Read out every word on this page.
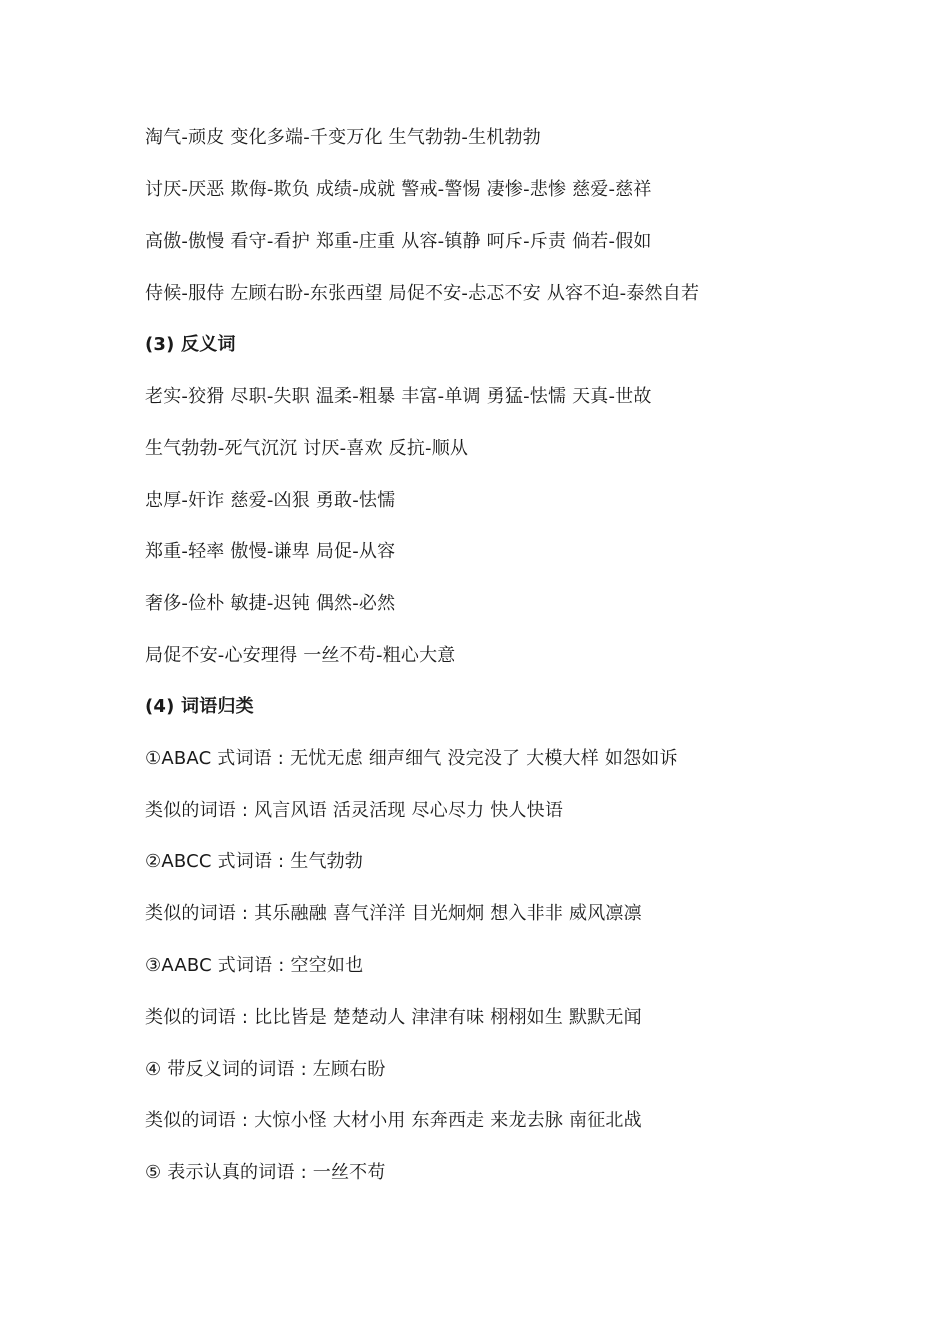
淘气-顽皮 变化多端-千变万化 生气勃勃-生机勃勃
讨厌-厌恶 欺侮-欺负 成绩-成就 警戒-警惕 凄惨-悲惨 慈爱-慈祥
高傲-傲慢 看守-看护 郑重-庄重 从容-镇静 呵斥-斥责 倘若-假如
侍候-服侍 左顾右盼-东张西望 局促不安-忐忑不安 从容不迫-泰然自若
(3) 反义词
老实-狡猾 尽职-失职 温柔-粗暴 丰富-单调 勇猛-怯懦 天真-世故
生气勃勃-死气沉沉 讨厌-喜欢 反抗-顺从
忠厚-奸诈 慈爱-凶狠 勇敢-怯懦
郑重-轻率 傲慢-谦卑 局促-从容
奢侈-俭朴 敏捷-迟钝 偶然-必然
局促不安-心安理得 一丝不苟-粗心大意
(4) 词语归类
①ABAC 式词语 : 无忧无虑 细声细气 没完没了 大模大样 如怨如诉
类似的词语 : 风言风语 活灵活现 尽心尽力 快人快语
②ABCC 式词语 : 生气勃勃
类似的词语 : 其乐融融 喜气洋洋 目光炯炯 想入非非 威风凛凛
③AABC 式词语 : 空空如也
类似的词语 : 比比皆是 楚楚动人 津津有味 栩栩如生 默默无闻
④ 带反义词的词语 : 左顾右盼
类似的词语 : 大惊小怪 大材小用 东奔西走 来龙去脉 南征北战
⑤ 表示认真的词语 : 一丝不苟
